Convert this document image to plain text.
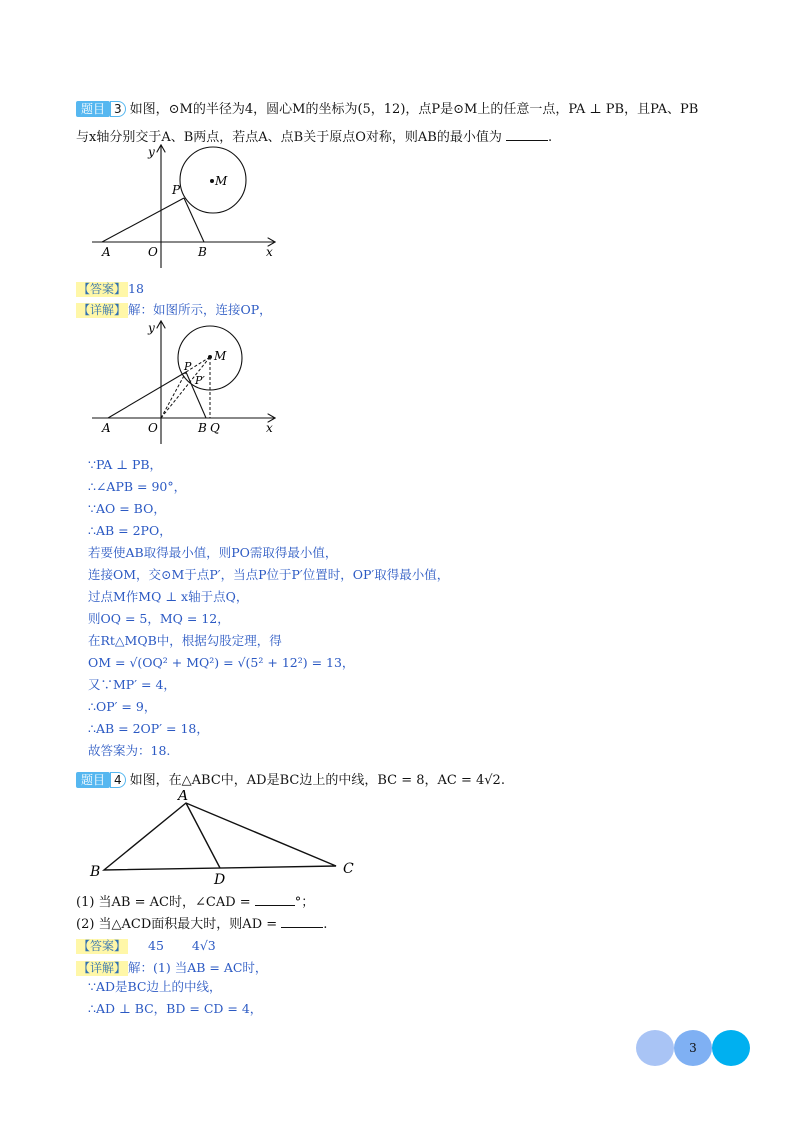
题目 3 如图，⊙M的半径为4，圆心M的坐标为(5，12)，点P是⊙M上的任意一点，PA ⊥ PB，且PA、PB
与x轴分别交于A、B两点，若点A、点B关于原点O对称，则AB的最小值为	.
y
x
A	O	B
P
M
【答案】 18
【详解】 解：如图所示，连接OP，
y
x
A	O	B Q
P
P′
M
∵PA ⊥ PB，
∴∠APB = 90°，
∵AO = BO，
∴AB = 2PO，
若要使AB取得最小值，则PO需取得最小值，
连接OM，交⊙M于点P′，当点P位于P′位置时，OP′取得最小值，
过点M作MQ ⊥ x轴于点Q，
则OQ = 5，MQ = 12，
在Rt△MQB中，根据勾股定理，得
OM = √(OQ² + MQ²) = √(5² + 12²) = 13，
又∵MP′ = 4，
∴OP′ = 9，
∴AB = 2OP′ = 18，
故答案为：18.
题目 4 如图，在△ABC中，AD是BC边上的中线，BC = 8，AC = 4√2.
A
B	C
D
(1) 当AB = AC时，∠CAD =	°；
(2) 当△ACD面积最大时，则AD =	.
【答案】 45 4√3
【详解】 解：(1) 当AB = AC时，
∵AD是BC边上的中线，
∴AD ⊥ BC，BD = CD = 4，
3
